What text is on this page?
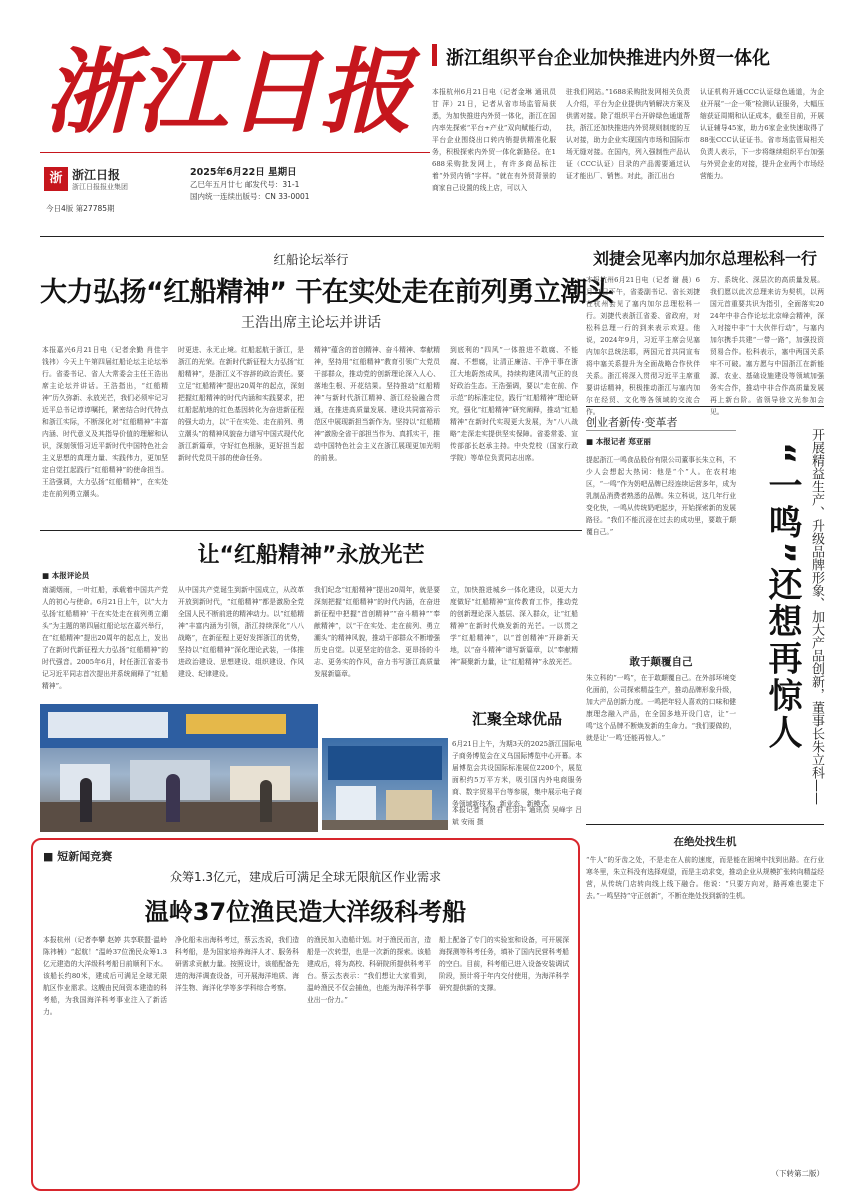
浙江日报
浙 浙江日报
浙江日报报业集团
2025年6月22日 星期日
乙巳年五月廿七 邮发代号：31-1
国内统一连续出版号：CN 33-0001
今日4版 第27785期
浙江组织平台企业加快推进内外贸一体化
本报杭州6月21日电（记者金琳 通讯员 甘 萍）21日，记者从省市场监管局获悉，为加快推进内外贸一体化，浙江在国内率先探索“平台+产业”双向赋能行动，平台企业围绕出口转内销提供精准化服务，积极探索内外贸一体化新路径。在1688采购批发网上，有许多商品标注着“外贸内销”字样。“就在有外贸背景的商家自己设置的线上店，可以入
驻我们网站。”1688采购批发网相关负责人介绍，平台为企业提供内销解决方案及供需对接。除了组织平台开辟绿色通道帮扶，浙江还加快推进内外贸规则制度的互认对接，助力企业实现国内市场和国际市场无缝对接。在国内，列入强制性产品认证（CCC认证）目录的产品需要通过认证才能出厂、销售。对此，浙江出台
认证机构开通CCC认证绿色通道，为企业开展“一企一策”检测认证服务，大幅压缩获证周期和认证成本，截至目前，开展认证辅导45家，助力6家企业快速取得了88张CCC认证证书。省市场监管局相关负责人表示，下一步将继续组织平台加强与外贸企业的对接，提升企业两个市场经营能力。
红船论坛举行
大力弘扬“红船精神” 干在实处走在前列勇立潮头
王浩出席主论坛并讲话
本报嘉兴6月21日电（记者余勤 肖佳宇 钱祎）今天上午第四届红船论坛主论坛举行。省委书记、省人大常委会主任王浩出席主论坛并讲话。王浩指出，“红船精神”历久弥新、永放光芒，我们必须牢记习近平总书记谆谆嘱托，紧密结合时代特点和浙江实际，不断深化对“红船精神”丰富内涵、时代意义及其指导价值的理解和认识，深刻领悟习近平新时代中国特色社会主义思想的真理力量、实践伟力，更加坚定自觉扛起践行“红船精神”的使命担当。王浩强调，大力弘扬“红船精神”，在实处走在前列勇立潮头。
时更进、永无止境。红船起航于浙江，是浙江的光荣。在新时代新征程大力弘扬“红船精神”，是浙江义不容辞的政治责任。要立足“红船精神”提出20周年的起点，深刻把握红船精神的时代内涵和实践要求，把红船起航地的红色基因转化为奋进新征程的强大动力，以“干在实处、走在前列、勇立潮头”的精神风貌奋力谱写中国式现代化浙江新篇章，守好红色根脉，更好担当起新时代党员干部的使命任务。
精神”蕴含的首创精神、奋斗精神、奉献精神，坚持用“红船精神”教育引领广大党员干部群众，推动党的创新理论深入人心、落地生根、开花结果。坚持推动“红船精神”与新时代浙江精神、浙江经验融合贯通，在推进高质量发展、建设共同富裕示范区中展现新担当新作为。坚持以“红船精神”激励全省干部担当作为、真抓实干，推动中国特色社会主义在浙江展现更加光明的前景。
到底利的“四风”一体推进不敢腐、不能腐、不想腐，让清正廉洁、干净干事在浙江大地蔚然成风，持续构建风清气正的良好政治生态。王浩强调，要以“走在前、作示范”的标准定位，践行“红船精神”理论研究，强化“红船精神”研究阐释，推动“红船精神”在新时代实现更大发展，为“八八战略”走深走实提供坚实保障。省委常委、宣传部部长赵承主持。中央党校（国家行政学院）等单位负责同志出席。
刘捷会见率内加尔总理松科一行
本报杭州6月21日电（记者 谢 晨）6月21日下午，省委副书记、省长刘捷在杭州会见了塞内加尔总理松科一行。刘捷代表浙江省委、省政府，对松科总理一行的到来表示欢迎。他说，2024年9月，习近平主席会见塞内加尔总统法耶，两国元首共同宣布将中塞关系提升为全面战略合作伙伴关系。浙江将深入贯彻习近平主席重要讲话精神，积极推动浙江与塞内加尔在经贸、文化等各领域的交流合作。
方、系统化、深层次的高质量发展。我们愿以此次总理来访为契机，以两国元首重要共识为指引，全面落实2024年中非合作论坛北京峰会精神，深入对接中非“十大伙伴行动”，与塞内加尔携手共建“一带一路”，加强投资贸易合作。松科表示，塞中两国关系牢不可破。塞方愿与中国浙江在新能源、农业、基础设施建设等领域加强务实合作，推动中非合作高质量发展再上新台阶。省领导徐文光参加会见。
让“红船精神”永放光芒
■ 本报评论员
南湖烟雨，一叶红船，承载着中国共产党人的初心与使命。6月21日上午，以“大力弘扬‘红船精神’ 干在实处走在前列勇立潮头”为主题的第四届红船论坛在嘉兴举行，在“红船精神”提出20周年的起点上，发出了在新时代新征程大力弘扬“红船精神”的时代强音。2005年6月，时任浙江省委书记习近平同志首次提出并系统阐释了“红船精神”。
从中国共产党诞生到新中国成立，从改革开放到新时代，“红船精神”都是激励全党全国人民不断前进的精神动力。以“红船精神”丰富内涵为引领，浙江持续深化“八八战略”，在新征程上更好发挥浙江的优势，坚持以“红船精神”深化理论武装，一体推进政治建设、思想建设、组织建设、作风建设、纪律建设。
我们纪念“红船精神”提出20周年，就是要深刻把握“红船精神”的时代内涵，在奋进新征程中把握“首创精神”“奋斗精神”“奉献精神”，以“干在实处、走在前列、勇立潮头”的精神风貌，推动干部群众不断增强历史自觉。以更坚定的信念、更昂扬的斗志、更务实的作风，奋力书写浙江高质量发展新篇章。
立，加快推进城乡一体化建设，以更大力度做好“红船精神”宣传教育工作，推动党的创新理论深入基层、深入群众，让“红船精神”在新时代焕发新的光芒。一以贯之学“红船精神”，以“首创精神”开辟新天地，以“奋斗精神”谱写新篇章，以“奉献精神”凝聚新力量，让“红船精神”永放光芒。
创业者新传·变革者
■ 本报记者 郑亚丽
提起浙江一鸣食品股份有限公司董事长朱立科，不少人会想起大热词：他是“个”人。在农村地区，“一鸣”作为奶吧品牌已经连续运营多年，成为乳制品消费者熟悉的品牌。朱立科说，这几年行业变化快，一鸣从传统奶吧起步，开始探索新的发展路径。“我们不能沉浸在过去的成功里，要敢于颠覆自己。”
敢于颠覆自己
朱立科的“一鸣”，在于敢颠覆自己。在外部环境变化面前，公司探索精益生产，推动品牌形象升级，加大产品创新力度。一鸣把年轻人喜欢的口味和健康理念融入产品，在全国多地开设门店，让“一鸣”这个品牌不断焕发新的生命力。“我们要做的，就是让‘一鸣’还能再惊人。”	“一鸣”还想再惊人 开展精益生产、升级品牌形象、加大产品创新，董事长朱立科——
汇聚全球优品
6月21日上午，为期3天的2025浙江国际电子商务博览会在义乌国际博览中心开幕。本届博览会共设国际标准展位2200个，展览面积约5万平方米，吸引国内外电商服务商、数字贸易平台等参展，集中展示电子商务领域新技术、新业态、新模式。
本报记者 何贤君 杜羽丰 通讯员 吴峰宇 吕斌 安雨 摄
在绝处找生机
“牛人”的牙齿之处，不是走在人前的速度，而是能在困境中找到出路。在行业寒冬里，朱立科没有选择观望，而是主动求变，推动企业从规模扩张转向精益经营，从传统门店转向线上线下融合。他说：“只要方向对，路再难也要走下去。”一鸣坚持“守正创新”，不断在绝处找到新的生机。
（下转第二版）
■ 短新闻竞赛
众筹1.3亿元，建成后可满足全球无限航区作业需求
温岭37位渔民造大洋级科考船
本报杭州（记者李攀 赵婷 共享联盟·温岭 陈祎楠）“起航！”温岭37位渔民众筹1.3亿元建造的大洋级科考船日前顺利下水。该船长约80米，建成后可满足全球无限航区作业需求。这艘由民间资本建造的科考船，为我国海洋科考事业注入了新活力。
净化船未出海科考过，蔡云杰说，我们造科考船，是为国家培养海洋人才、服务科研需求贡献力量。按照设计，该船配备先进的海洋调查设备，可开展海洋地质、海洋生物、海洋化学等多学科综合考察。
的渔民加入造船计划。对于渔民而言，造船是一次转型，也是一次新的探索。该船建成后，将为高校、科研院所提供科考平台。蔡云杰表示：“我们想让大家看到，温岭渔民不仅会捕鱼，也能为海洋科学事业出一份力。”
船上配备了专门的实验室和设备，可开展深海探测等科考任务，填补了国内民营科考船的空白。目前，科考船已进入设备安装调试阶段，预计将于年内交付使用，为海洋科学研究提供新的支撑。
